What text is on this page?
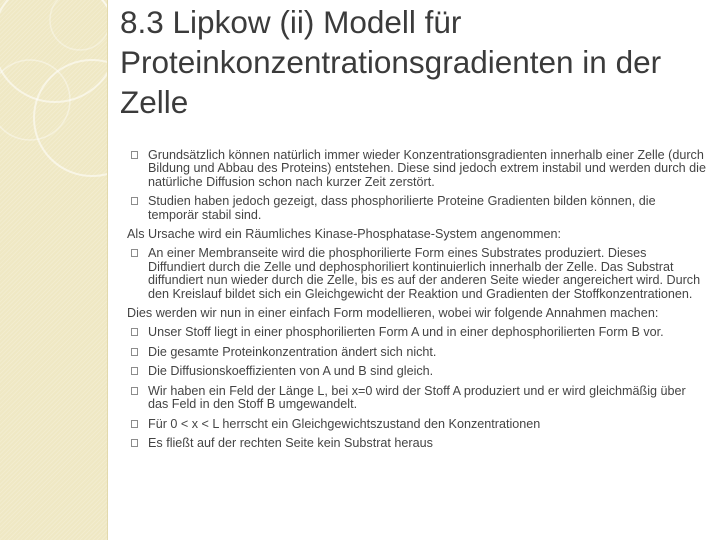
8.3 Lipkow (ii) Modell für Proteinkonzentrationsgradienten in der Zelle
Grundsätzlich können natürlich immer wieder Konzentrationsgradienten innerhalb einer Zelle (durch Bildung und Abbau des Proteins) entstehen. Diese sind jedoch extrem instabil und werden durch die natürliche Diffusion schon nach kurzer Zeit zerstört.
Studien haben jedoch gezeigt, dass phosphorilierte Proteine Gradienten bilden können, die temporär stabil sind.
Als Ursache wird ein Räumliches Kinase-Phosphatase-System angenommen:
An einer Membranseite wird die phosphorilierte Form eines Substrates produziert. Dieses Diffundiert durch die Zelle und dephosphoriliert kontinuierlich innerhalb der Zelle. Das Substrat diffundiert nun wieder durch die Zelle, bis es auf der anderen Seite wieder angereichert wird. Durch den Kreislauf bildet sich ein Gleichgewicht der Reaktion und Gradienten der Stoffkonzentrationen.
Dies werden wir nun in einer einfach Form modellieren, wobei wir folgende Annahmen machen:
Unser Stoff liegt in einer phosphorilierten Form A und in einer dephosphorilierten Form B vor.
Die gesamte Proteinkonzentration ändert sich nicht.
Die Diffusionskoeffizienten von A und B sind gleich.
Wir haben ein Feld der Länge L, bei x=0 wird der Stoff A produziert und er wird gleichmäßig über das Feld in den Stoff B umgewandelt.
Für 0 < x < L herrscht ein Gleichgewichtszustand den Konzentrationen
Es fließt auf der rechten Seite kein Substrat heraus
